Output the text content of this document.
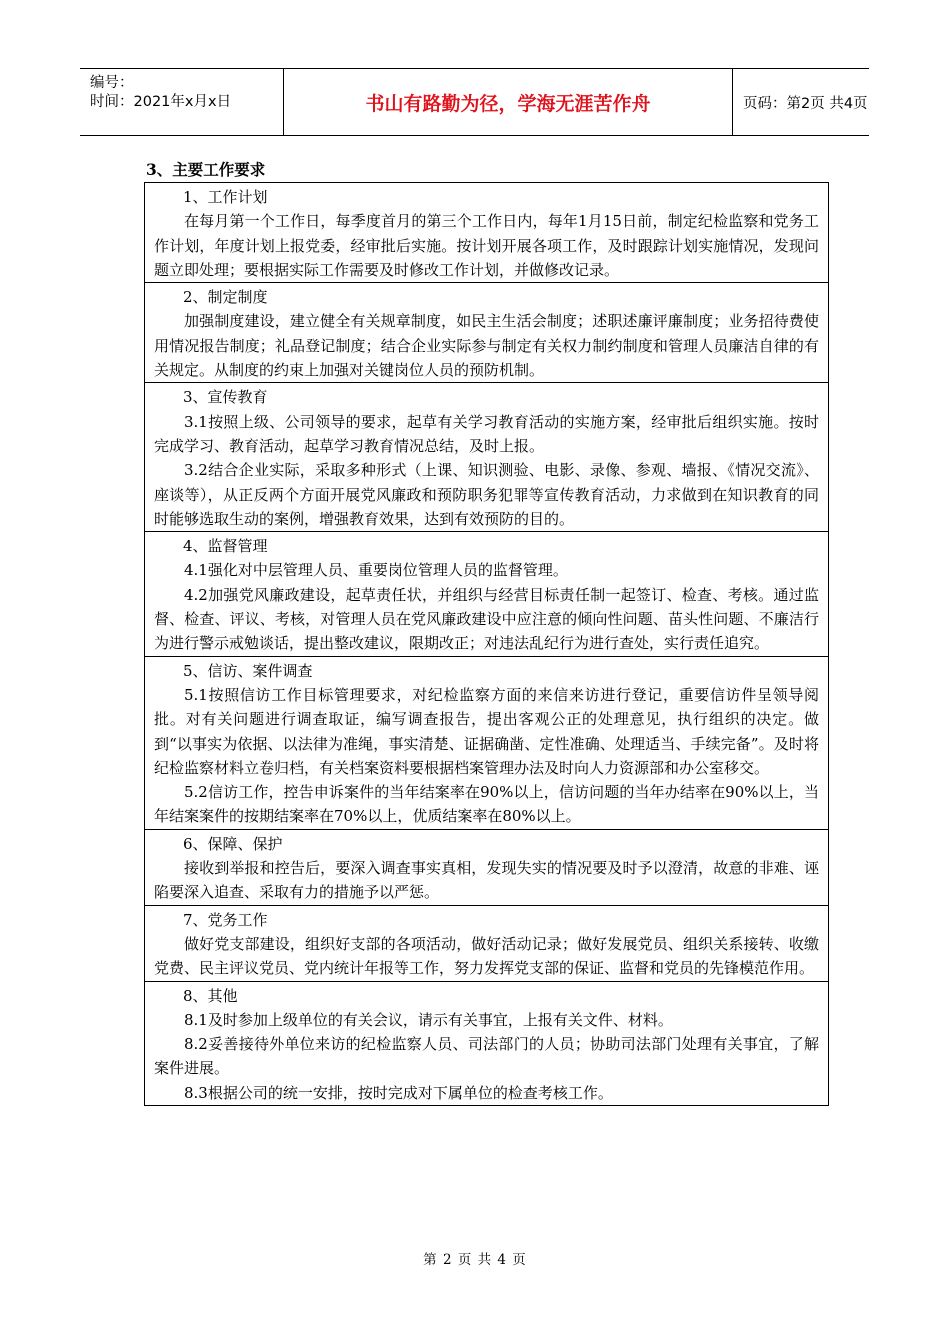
编号：
时间：2021年x月x日	书山有路勤为径，学海无涯苦作舟	页码：第2页 共4页
3、主要工作要求
1、工作计划
在每月第一个工作日，每季度首月的第三个工作日内，每年1月15日前，制定纪检监察和党务工作计划，年度计划上报党委，经审批后实施。按计划开展各项工作，及时跟踪计划实施情况，发现问题立即处理；要根据实际工作需要及时修改工作计划，并做修改记录。
2、制定制度
加强制度建设，建立健全有关规章制度，如民主生活会制度；述职述廉评廉制度；业务招待费使用情况报告制度；礼品登记制度；结合企业实际参与制定有关权力制约制度和管理人员廉洁自律的有关规定。从制度的约束上加强对关键岗位人员的预防机制。
3、宣传教育
3.1按照上级、公司领导的要求，起草有关学习教育活动的实施方案，经审批后组织实施。按时完成学习、教育活动，起草学习教育情况总结，及时上报。
3.2结合企业实际，采取多种形式（上课、知识测验、电影、录像、参观、墙报、《情况交流》、座谈等），从正反两个方面开展党风廉政和预防职务犯罪等宣传教育活动，力求做到在知识教育的同时能够选取生动的案例，增强教育效果，达到有效预防的目的。
4、监督管理
4.1强化对中层管理人员、重要岗位管理人员的监督管理。
4.2加强党风廉政建设，起草责任状，并组织与经营目标责任制一起签订、检查、考核。通过监督、检查、评议、考核，对管理人员在党风廉政建设中应注意的倾向性问题、苗头性问题、不廉洁行为进行警示戒勉谈话，提出整改建议，限期改正；对违法乱纪行为进行查处，实行责任追究。
5、信访、案件调查
5.1按照信访工作目标管理要求，对纪检监察方面的来信来访进行登记，重要信访件呈领导阅批。对有关问题进行调查取证，编写调查报告，提出客观公正的处理意见，执行组织的决定。做到“以事实为依据、以法律为准绳，事实清楚、证据确凿、定性准确、处理适当、手续完备”。及时将纪检监察材料立卷归档，有关档案资料要根据档案管理办法及时向人力资源部和办公室移交。
5.2信访工作，控告申诉案件的当年结案率在90%以上，信访问题的当年办结率在90%以上，当年结案案件的按期结案率在70%以上，优质结案率在80%以上。
6、保障、保护
接收到举报和控告后，要深入调查事实真相，发现失实的情况要及时予以澄清，故意的非难、诬陷要深入追查、采取有力的措施予以严惩。
7、党务工作
做好党支部建设，组织好支部的各项活动，做好活动记录；做好发展党员、组织关系接转、收缴党费、民主评议党员、党内统计年报等工作，努力发挥党支部的保证、监督和党员的先锋模范作用。
8、其他
8.1及时参加上级单位的有关会议，请示有关事宜，上报有关文件、材料。
8.2妥善接待外单位来访的纪检监察人员、司法部门的人员；协助司法部门处理有关事宜，了解案件进展。
8.3根据公司的统一安排，按时完成对下属单位的检查考核工作。
第 2 页 共 4 页
